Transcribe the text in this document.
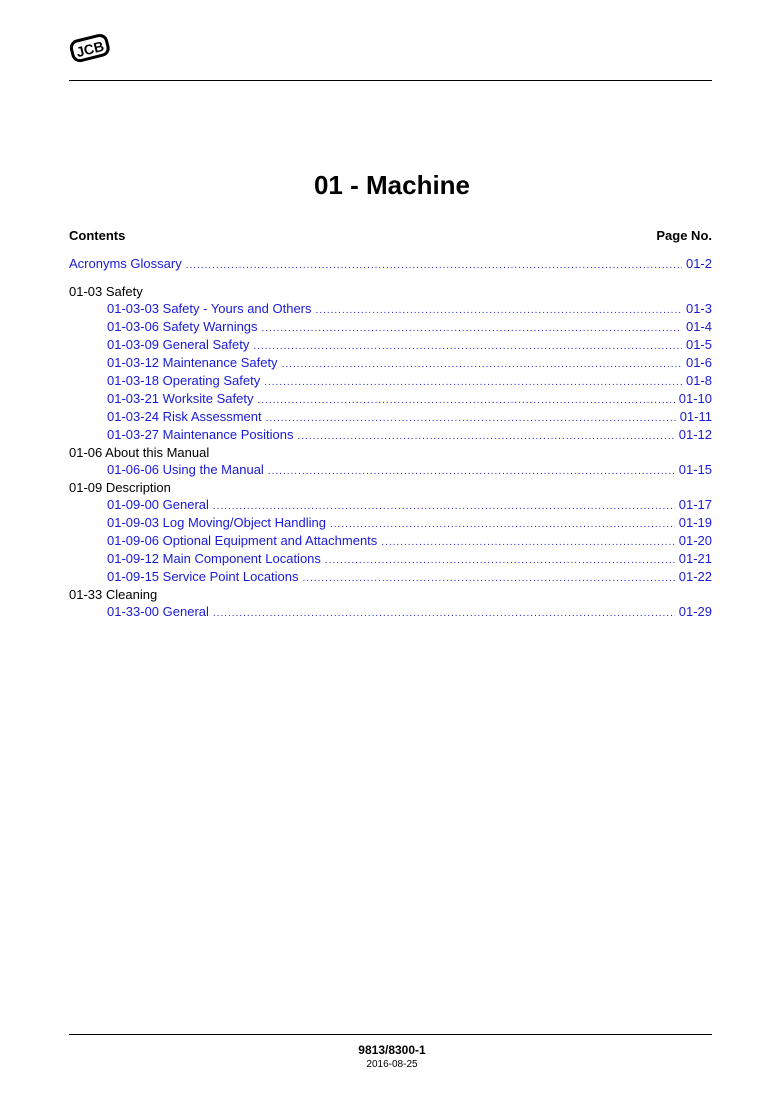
JCB
01 - Machine
Contents	Page No.
Acronyms Glossary .....	01-2
01-03 Safety
01-03-03 Safety - Yours and Others .....	01-3
01-03-06 Safety Warnings .....	01-4
01-03-09 General Safety .....	01-5
01-03-12 Maintenance Safety .....	01-6
01-03-18 Operating Safety .....	01-8
01-03-21 Worksite Safety .....	01-10
01-03-24 Risk Assessment .....	01-11
01-03-27 Maintenance Positions .....	01-12
01-06 About this Manual
01-06-06 Using the Manual .....	01-15
01-09 Description
01-09-00 General .....	01-17
01-09-03 Log Moving/Object Handling .....	01-19
01-09-06 Optional Equipment and Attachments .....	01-20
01-09-12 Main Component Locations .....	01-21
01-09-15 Service Point Locations .....	01-22
01-33 Cleaning
01-33-00 General .....	01-29
9813/8300-1
2016-08-25
